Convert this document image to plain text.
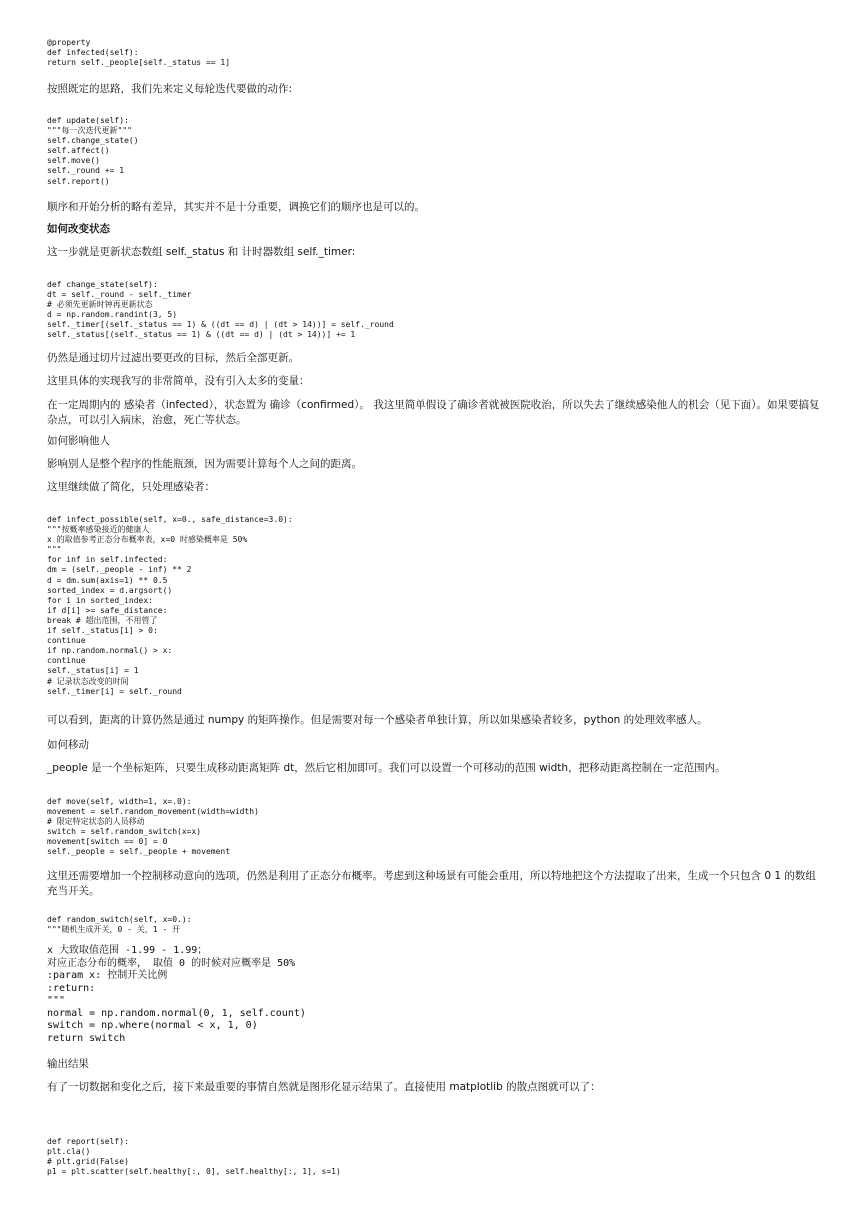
@property
def infected(self):
return self._people[self._status == 1]

按照既定的思路，我们先来定义每轮迭代要做的动作:

def update(self):
"""每一次迭代更新"""
self.change_state()
self.affect()
self.move()
self._round += 1
self.report()

顺序和开始分析的略有差异，其实并不是十分重要，调换它们的顺序也是可以的。

如何改变状态

这一步就是更新状态数组 self._status 和 计时器数组 self._timer:

def change_state(self):
dt = self._round - self._timer
# 必须先更新时钟再更新状态
d = np.random.randint(3, 5)
self._timer[(self._status == 1) & ((dt == d) | (dt > 14))] = self._round
self._status[(self._status == 1) & ((dt == d) | (dt > 14))] += 1

仍然是通过切片过滤出要更改的目标，然后全部更新。

这里具体的实现我写的非常简单，没有引入太多的变量：

在一定周期内的 感染者（infected），状态置为 确诊（confirmed）。 我这里简单假设了确诊者就被医院收治，所以失去了继续感染他人的机会（见下面）。如果要搞复杂点，可以引入病床，治愈，死亡等状态。

如何影响他人

影响别人是整个程序的性能瓶颈，因为需要计算每个人之间的距离。

这里继续做了简化，只处理感染者：

def infect_possible(self, x=0., safe_distance=3.0):
"""按概率感染接近的健康人
x 的取值参考正态分布概率表，x=0 时感染概率是 50%
"""
for inf in self.infected:
dm = (self._people - inf) ** 2
d = dm.sum(axis=1) ** 0.5
sorted_index = d.argsort()
for i in sorted_index:
if d[i] >= safe_distance:
break # 超出范围，不用管了
if self._status[i] > 0:
continue
if np.random.normal() > x:
continue
self._status[i] = 1
# 记录状态改变的时间
self._timer[i] = self._round

可以看到，距离的计算仍然是通过 numpy 的矩阵操作。但是需要对每一个感染者单独计算，所以如果感染者较多，python 的处理效率感人。

如何移动

_people 是一个坐标矩阵，只要生成移动距离矩阵 dt，然后它相加即可。我们可以设置一个可移动的范围 width，把移动距离控制在一定范围内。

def move(self, width=1, x=.0):
movement = self.random_movement(width=width)
# 限定特定状态的人员移动
switch = self.random_switch(x=x)
movement[switch == 0] = 0
self._people = self._people + movement

这里还需要增加一个控制移动意向的选项，仍然是利用了正态分布概率。考虑到这种场景有可能会重用，所以特地把这个方法提取了出来，生成一个只包含 0 1 的数组充当开关。

def random_switch(self, x=0.):
"""随机生成开关，0 - 关，1 - 开
x 大致取值范围 -1.99 - 1.99；
对应正态分布的概率， 取值 0 的时候对应概率是 50%
:param x: 控制开关比例
:return:
"""
normal = np.random.normal(0, 1, self.count)
switch = np.where(normal < x, 1, 0)
return switch

输出结果

有了一切数据和变化之后，接下来最重要的事情自然就是图形化显示结果了。直接使用 matplotlib 的散点图就可以了：

def report(self):
plt.cla()
# plt.grid(False)
p1 = plt.scatter(self.healthy[:, 0], self.healthy[:, 1], s=1)
